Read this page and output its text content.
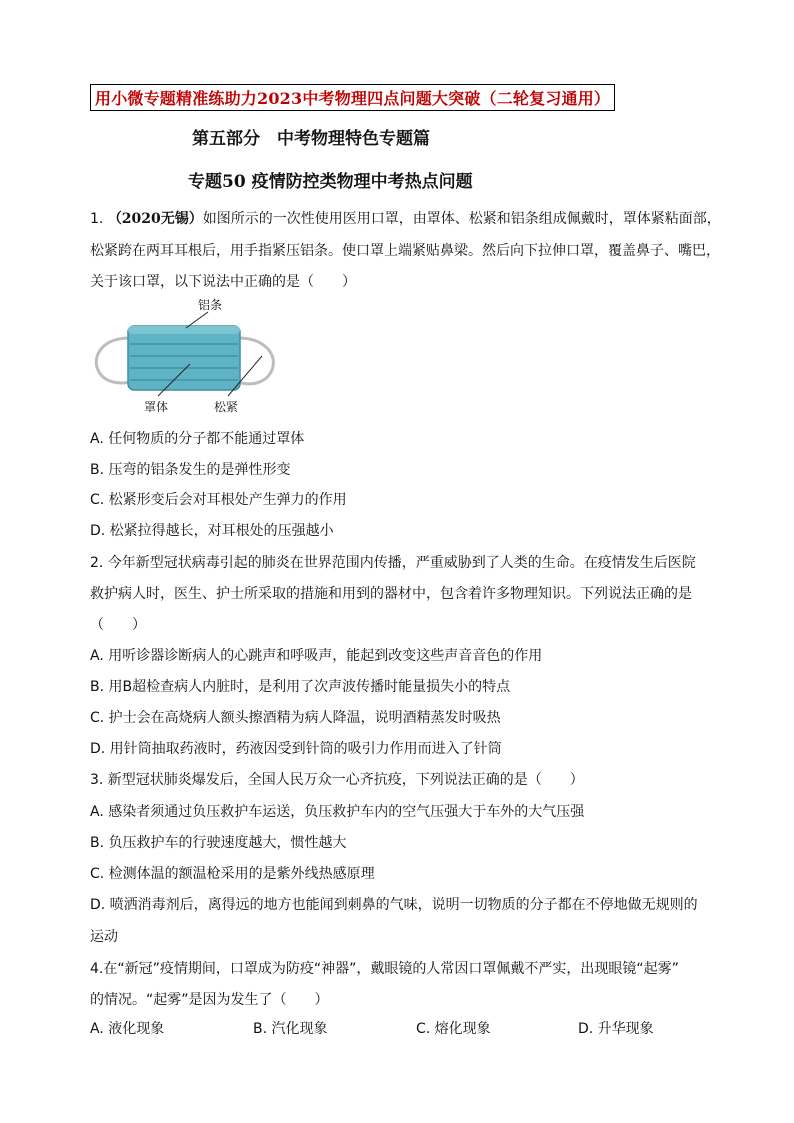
用小微专题精准练助力2023中考物理四点问题大突破（二轮复习通用）
第五部分　中考物理特色专题篇
专题50 疫情防控类物理中考热点问题
1. （2020无锡）如图所示的一次性使用医用口罩，由罩体、松紧和铝条组成佩戴时，罩体紧粘面部，
松紧跨在两耳耳根后，用手指紧压铝条。使口罩上端紧贴鼻梁。然后向下拉伸口罩，覆盖鼻子、嘴巴，
关于该口罩，以下说法中正确的是（　　）
铝条
罩体	松紧
A. 任何物质的分子都不能通过罩体
B. 压弯的铝条发生的是弹性形变
C. 松紧形变后会对耳根处产生弹力的作用
D. 松紧拉得越长，对耳根处的压强越小
2. 今年新型冠状病毒引起的肺炎在世界范围内传播，严重威胁到了人类的生命。在疫情发生后医院
救护病人时，医生、护士所采取的措施和用到的器材中，包含着许多物理知识。下列说法正确的是
（　　）
A. 用听诊器诊断病人的心跳声和呼吸声，能起到改变这些声音音色的作用
B. 用B超检查病人内脏时，是利用了次声波传播时能量损失小的特点
C. 护士会在高烧病人额头擦酒精为病人降温，说明酒精蒸发时吸热
D. 用针筒抽取药液时，药液因受到针筒的吸引力作用而进入了针筒
3. 新型冠状肺炎爆发后，全国人民万众一心齐抗疫，下列说法正确的是（　　）
A. 感染者须通过负压救护车运送，负压救护车内的空气压强大于车外的大气压强
B. 负压救护车的行驶速度越大，惯性越大
C. 检测体温的额温枪采用的是紫外线热感原理
D. 喷洒消毒剂后，离得远的地方也能闻到刺鼻的气味，说明一切物质的分子都在不停地做无规则的
运动
4.在“新冠”疫情期间，口罩成为防疫“神器”，戴眼镜的人常因口罩佩戴不严实，出现眼镜“起雾”
的情况。“起雾”是因为发生了（　　）
A. 液化现象	B. 汽化现象	C. 熔化现象	D. 升华现象
